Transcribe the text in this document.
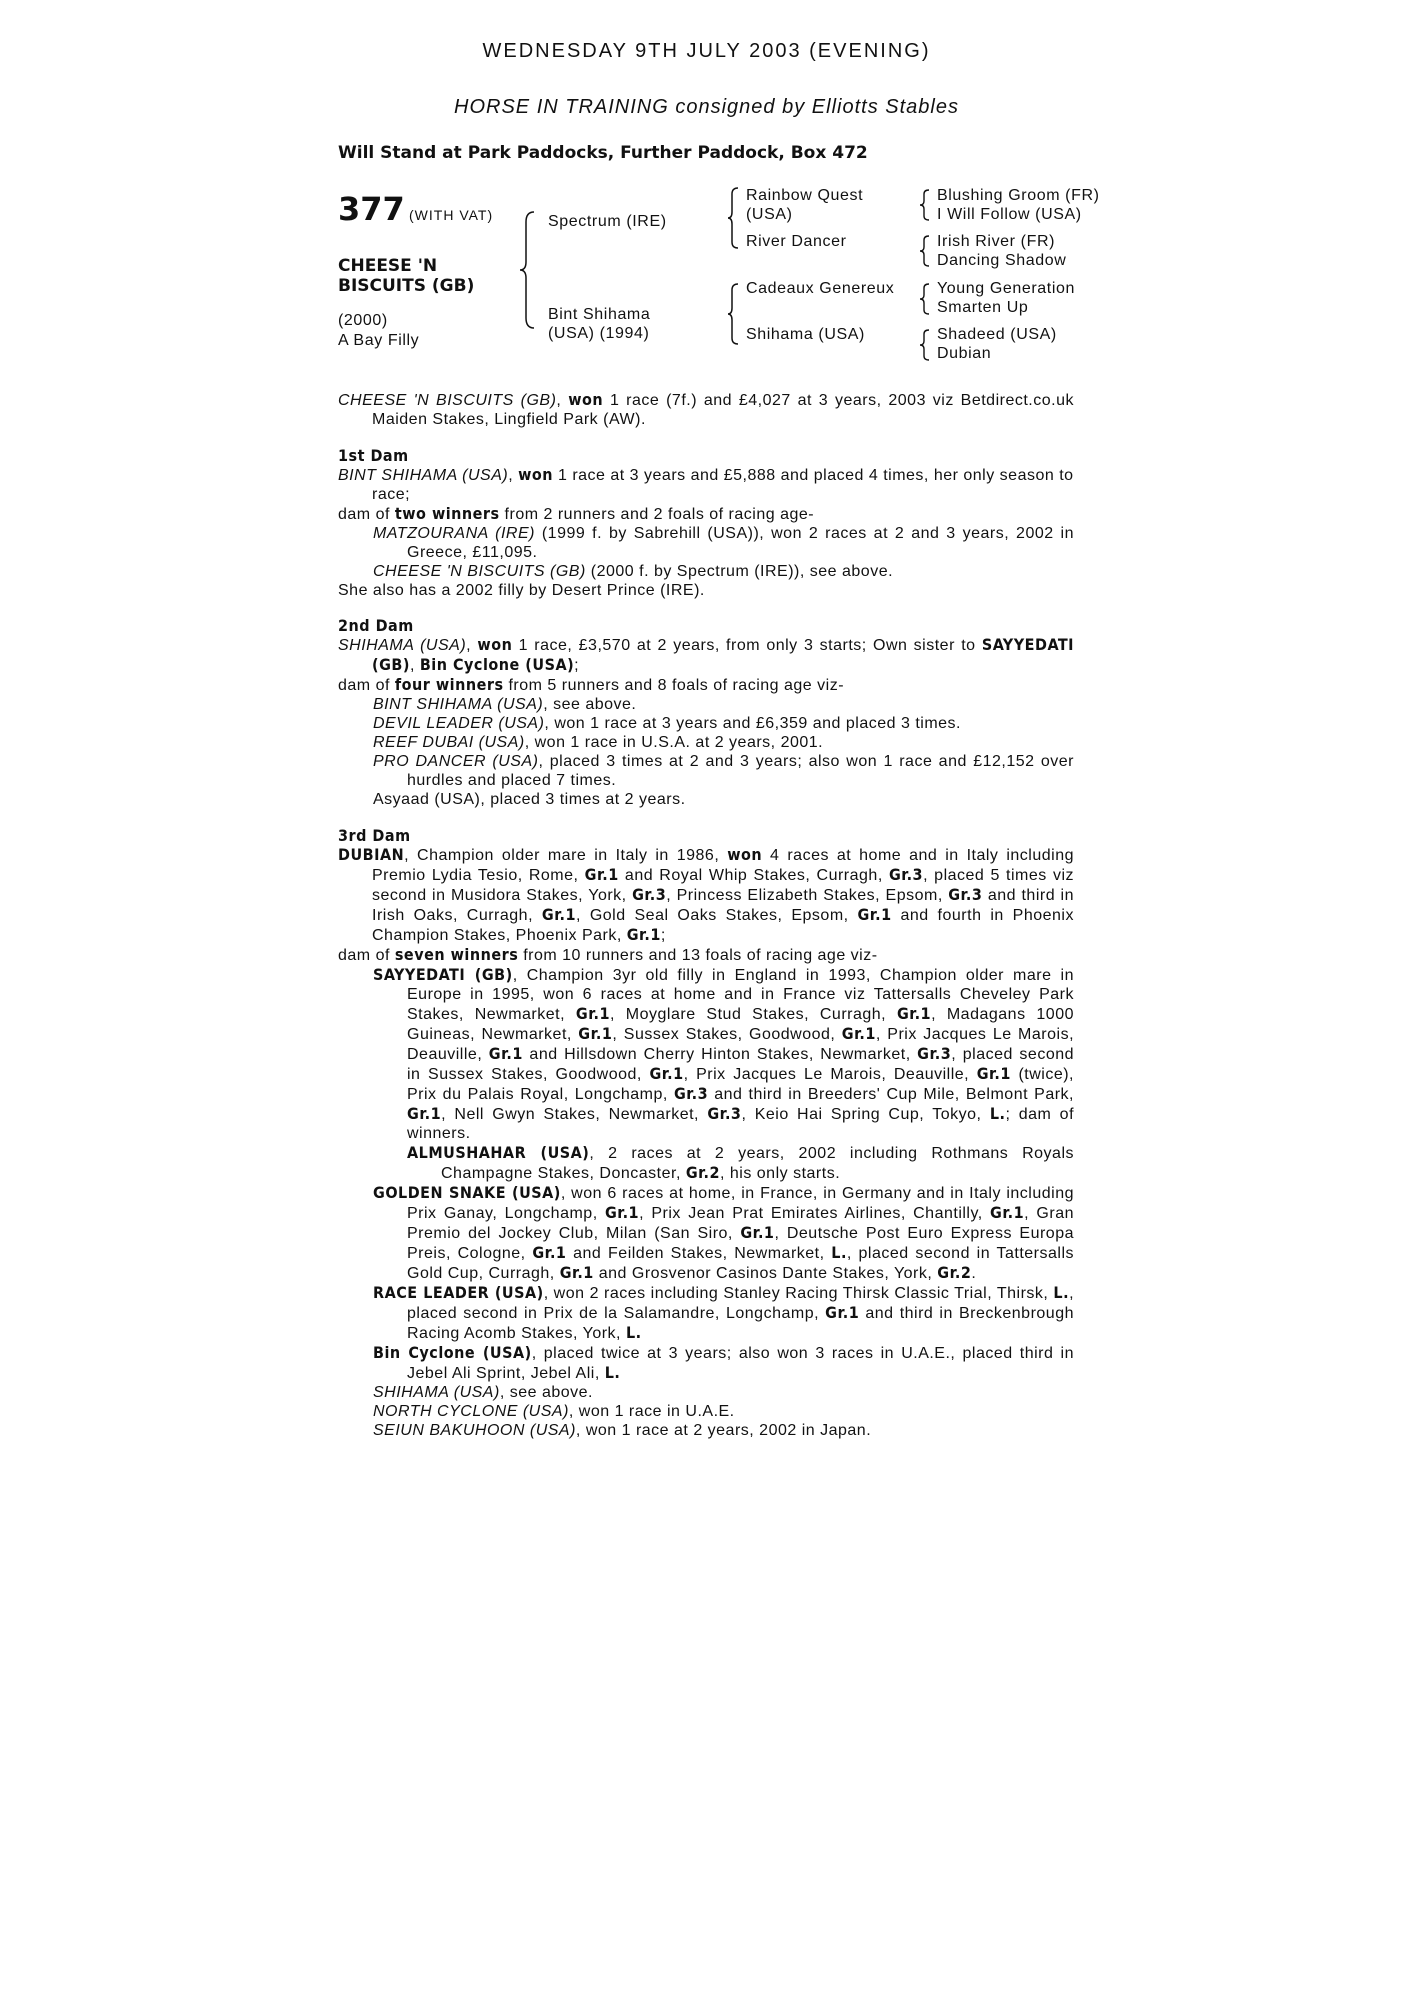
WEDNESDAY 9TH JULY 2003 (EVENING)
HORSE IN TRAINING consigned by Elliotts Stables
Will Stand at Park Paddocks, Further Paddock, Box 472
377 (WITH VAT)
CHEESE 'N BISCUITS (GB)
(2000)
A Bay Filly
Spectrum (IRE)
Bint Shihama (USA) (1994)
Rainbow Quest (USA)
River Dancer
Cadeaux Genereux
Shihama (USA)
Blushing Groom (FR)
I Will Follow (USA)
Irish River (FR)
Dancing Shadow
Young Generation
Smarten Up
Shadeed (USA)
Dubian

CHEESE 'N BISCUITS (GB), won 1 race (7f.) and £4,027 at 3 years, 2003 viz Betdirect.co.uk Maiden Stakes, Lingfield Park (AW).

1st Dam

BINT SHIHAMA (USA), won 1 race at 3 years and £5,888 and placed 4 times, her only season to race;

dam of two winners from 2 runners and 2 foals of racing age-

MATZOURANA (IRE) (1999 f. by Sabrehill (USA)), won 2 races at 2 and 3 years, 2002 in Greece, £11,095.

CHEESE 'N BISCUITS (GB) (2000 f. by Spectrum (IRE)), see above.

She also has a 2002 filly by Desert Prince (IRE).

2nd Dam

SHIHAMA (USA), won 1 race, £3,570 at 2 years, from only 3 starts; Own sister to SAYYEDATI (GB), Bin Cyclone (USA);

dam of four winners from 5 runners and 8 foals of racing age viz-

BINT SHIHAMA (USA), see above.

DEVIL LEADER (USA), won 1 race at 3 years and £6,359 and placed 3 times.

REEF DUBAI (USA), won 1 race in U.S.A. at 2 years, 2001.

PRO DANCER (USA), placed 3 times at 2 and 3 years; also won 1 race and £12,152 over hurdles and placed 7 times.

Asyaad (USA), placed 3 times at 2 years.

3rd Dam

DUBIAN, Champion older mare in Italy in 1986, won 4 races at home and in Italy including Premio Lydia Tesio, Rome, Gr.1 and Royal Whip Stakes, Curragh, Gr.3, placed 5 times viz second in Musidora Stakes, York, Gr.3, Princess Elizabeth Stakes, Epsom, Gr.3 and third in Irish Oaks, Curragh, Gr.1, Gold Seal Oaks Stakes, Epsom, Gr.1 and fourth in Phoenix Champion Stakes, Phoenix Park, Gr.1;

dam of seven winners from 10 runners and 13 foals of racing age viz-

SAYYEDATI (GB), Champion 3yr old filly in England in 1993, Champion older mare in Europe in 1995, won 6 races at home and in France viz Tattersalls Cheveley Park Stakes, Newmarket, Gr.1, Moyglare Stud Stakes, Curragh, Gr.1, Madagans 1000 Guineas, Newmarket, Gr.1, Sussex Stakes, Goodwood, Gr.1, Prix Jacques Le Marois, Deauville, Gr.1 and Hillsdown Cherry Hinton Stakes, Newmarket, Gr.3, placed second in Sussex Stakes, Goodwood, Gr.1, Prix Jacques Le Marois, Deauville, Gr.1 (twice), Prix du Palais Royal, Longchamp, Gr.3 and third in Breeders' Cup Mile, Belmont Park, Gr.1, Nell Gwyn Stakes, Newmarket, Gr.3, Keio Hai Spring Cup, Tokyo, L.; dam of winners.

ALMUSHAHAR (USA), 2 races at 2 years, 2002 including Rothmans Royals Champagne Stakes, Doncaster, Gr.2, his only starts.

GOLDEN SNAKE (USA), won 6 races at home, in France, in Germany and in Italy including Prix Ganay, Longchamp, Gr.1, Prix Jean Prat Emirates Airlines, Chantilly, Gr.1, Gran Premio del Jockey Club, Milan (San Siro, Gr.1, Deutsche Post Euro Express Europa Preis, Cologne, Gr.1 and Feilden Stakes, Newmarket, L., placed second in Tattersalls Gold Cup, Curragh, Gr.1 and Grosvenor Casinos Dante Stakes, York, Gr.2.

RACE LEADER (USA), won 2 races including Stanley Racing Thirsk Classic Trial, Thirsk, L., placed second in Prix de la Salamandre, Longchamp, Gr.1 and third in Breckenbrough Racing Acomb Stakes, York, L.

Bin Cyclone (USA), placed twice at 3 years; also won 3 races in U.A.E., placed third in Jebel Ali Sprint, Jebel Ali, L.

SHIHAMA (USA), see above.

NORTH CYCLONE (USA), won 1 race in U.A.E.

SEIUN BAKUHOON (USA), won 1 race at 2 years, 2002 in Japan.
